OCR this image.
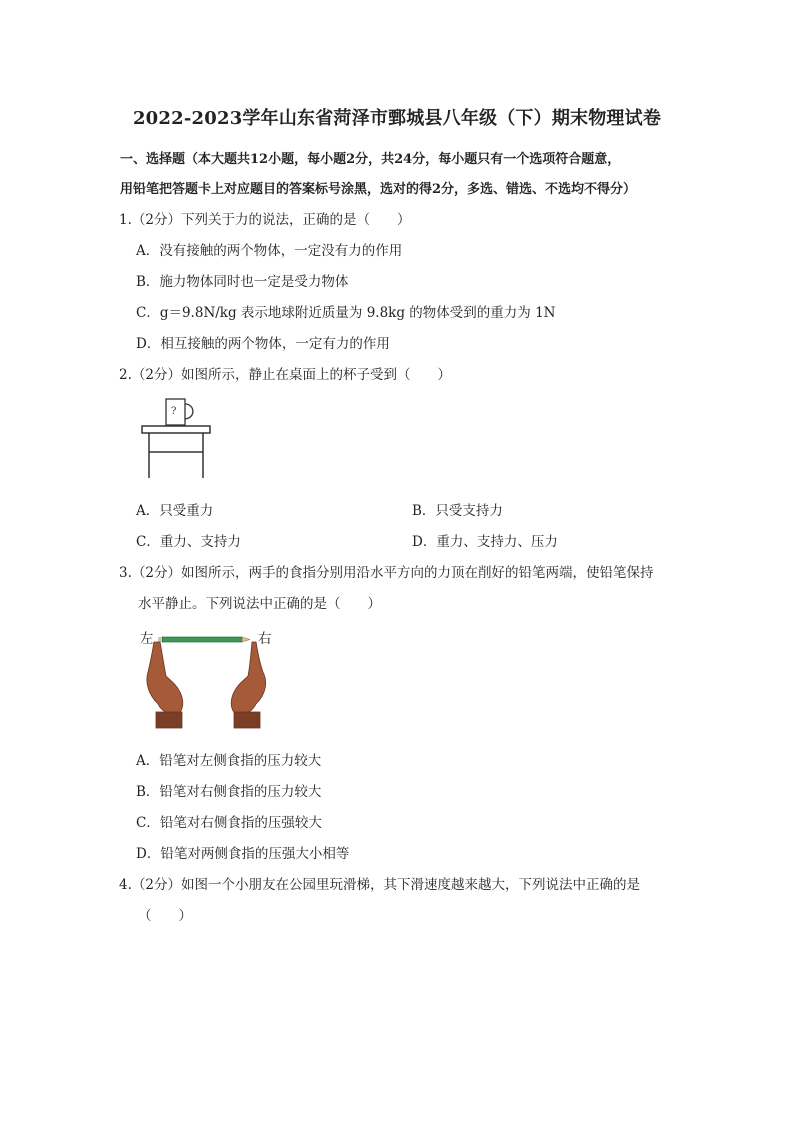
2022-2023学年山东省菏泽市鄄城县八年级（下）期末物理试卷
一、选择题（本大题共12小题，每小题2分，共24分，每小题只有一个选项符合题意，
用铅笔把答题卡上对应题目的答案标号涂黑，选对的得2分，多选、错选、不选均不得分）
1.（2分）下列关于力的说法，正确的是（　　）
A．没有接触的两个物体，一定没有力的作用
B．施力物体同时也一定是受力物体
C．g＝9.8N/kg 表示地球附近质量为 9.8kg 的物体受到的重力为 1N
D．相互接触的两个物体，一定有力的作用
2.（2分）如图所示，静止在桌面上的杯子受到（　　）
?
A．只受重力	B．只受支持力
C．重力、支持力	D．重力、支持力、压力
3.（2分）如图所示，两手的食指分别用沿水平方向的力顶在削好的铅笔两端，使铅笔保持
水平静止。下列说法中正确的是（　　）
左	右
A．铅笔对左侧食指的压力较大
B．铅笔对右侧食指的压力较大
C．铅笔对右侧食指的压强较大
D．铅笔对两侧食指的压强大小相等
4.（2分）如图一个小朋友在公园里玩滑梯，其下滑速度越来越大，下列说法中正确的是
（　　）
